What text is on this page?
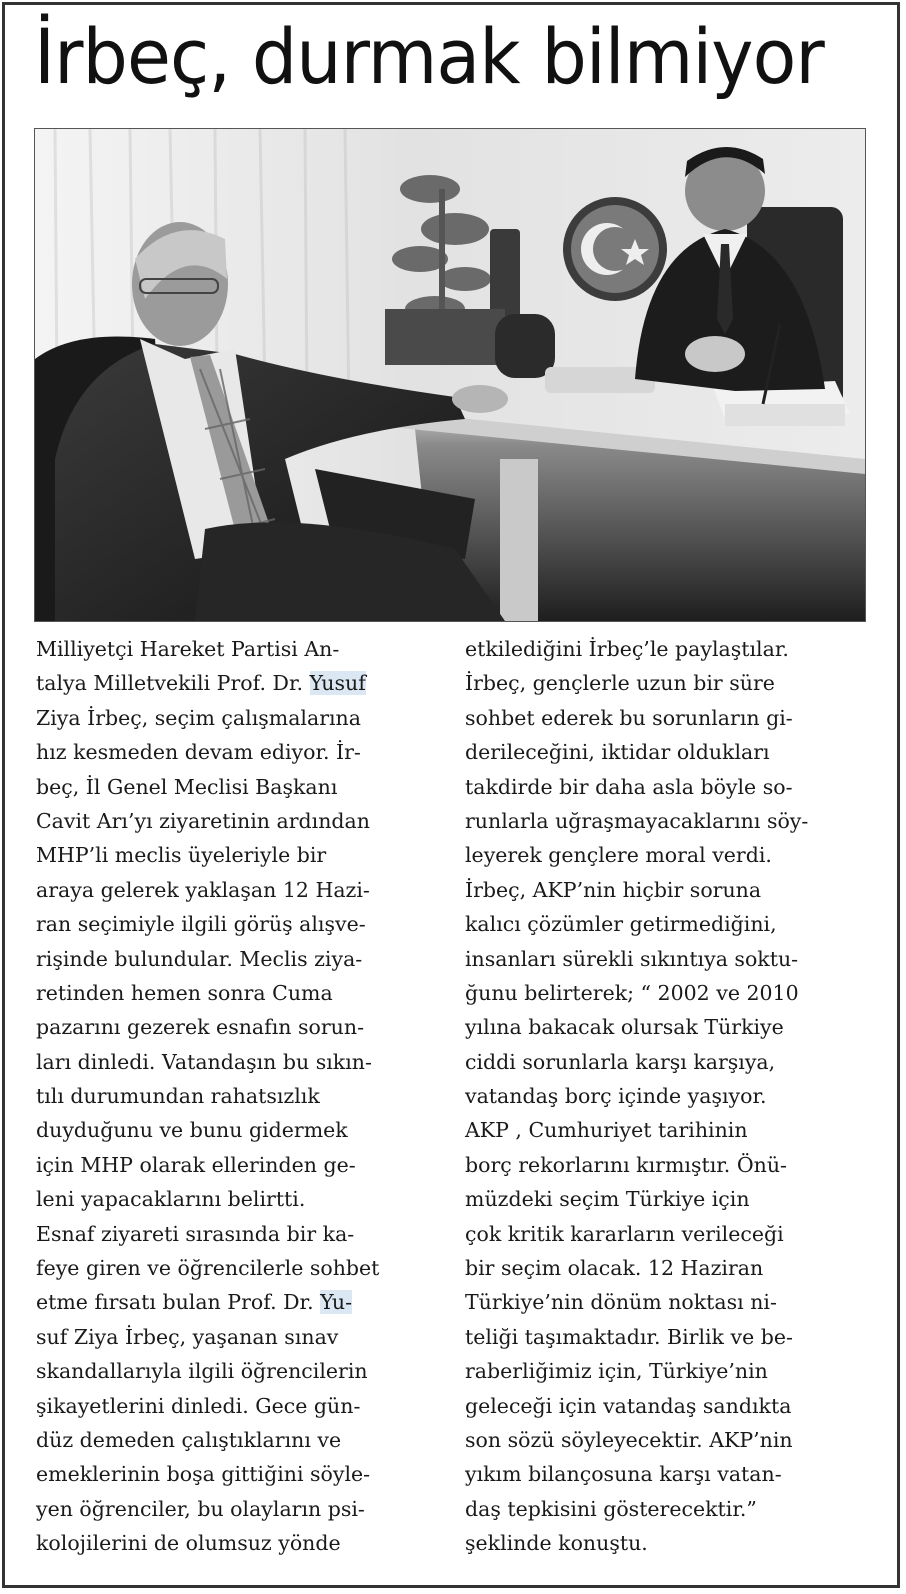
İrbeç, durmak bilmiyor
Milliyetçi Hareket Partisi An-
talya Milletvekili Prof. Dr. Yusuf
Ziya İrbeç, seçim çalışmalarına
hız kesmeden devam ediyor. İr-
beç, İl Genel Meclisi Başkanı
Cavit Arı’yı ziyaretinin ardından
MHP’li meclis üyeleriyle bir
araya gelerek yaklaşan 12 Hazi-
ran seçimiyle ilgili görüş alışve-
rişinde bulundular. Meclis ziya-
retinden hemen sonra Cuma
pazarını gezerek esnafın sorun-
ları dinledi. Vatandaşın bu sıkın-
tılı durumundan rahatsızlık
duyduğunu ve bunu gidermek
için MHP olarak ellerinden ge-
leni yapacaklarını belirtti.
Esnaf ziyareti sırasında bir ka-
feye giren ve öğrencilerle sohbet
etme fırsatı bulan Prof. Dr. Yu-
suf Ziya İrbeç, yaşanan sınav
skandallarıyla ilgili öğrencilerin
şikayetlerini dinledi. Gece gün-
düz demeden çalıştıklarını ve
emeklerinin boşa gittiğini söyle-
yen öğrenciler, bu olayların psi-
kolojilerini de olumsuz yönde
etkilediğini İrbeç’le paylaştılar.
İrbeç, gençlerle uzun bir süre
sohbet ederek bu sorunların gi-
derileceğini, iktidar oldukları
takdirde bir daha asla böyle so-
runlarla uğraşmayacaklarını söy-
leyerek gençlere moral verdi.
İrbeç, AKP’nin hiçbir soruna
kalıcı çözümler getirmediğini,
insanları sürekli sıkıntıya soktu-
ğunu belirterek; “ 2002 ve 2010
yılına bakacak olursak Türkiye
ciddi sorunlarla karşı karşıya,
vatandaş borç içinde yaşıyor.
AKP , Cumhuriyet tarihinin
borç rekorlarını kırmıştır. Önü-
müzdeki seçim Türkiye için
çok kritik kararların verileceği
bir seçim olacak. 12 Haziran
Türkiye’nin dönüm noktası ni-
teliği taşımaktadır. Birlik ve be-
raberliğimiz için, Türkiye’nin
geleceği için vatandaş sandıkta
son sözü söyleyecektir. AKP’nin
yıkım bilançosuna karşı vatan-
daş tepkisini gösterecektir.”
şeklinde konuştu.
